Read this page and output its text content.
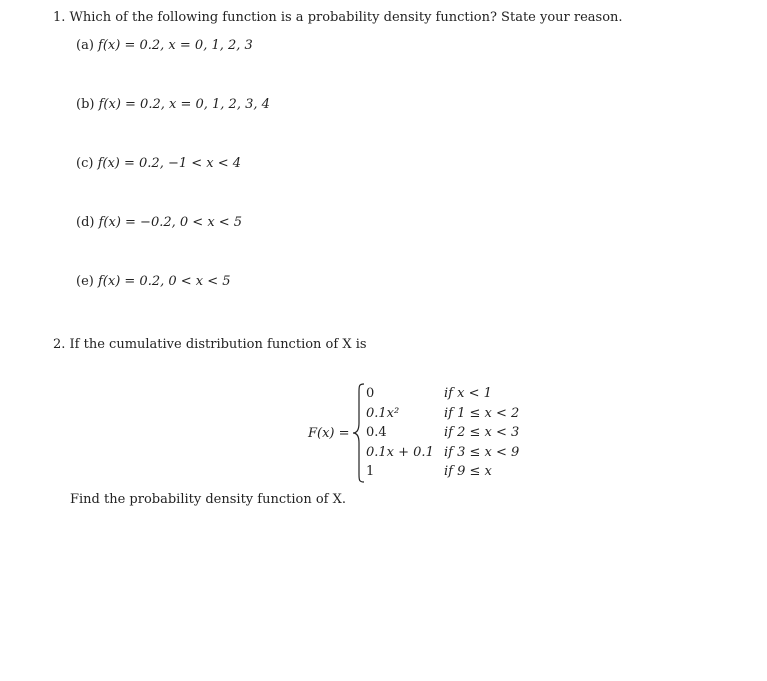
1. Which of the following function is a probability density function? State your reason.
(a) f(x) = 0.2, x = 0, 1, 2, 3
(b) f(x) = 0.2, x = 0, 1, 2, 3, 4
(c) f(x) = 0.2, −1 < x < 4
(d) f(x) = −0.2, 0 < x < 5
(e) f(x) = 0.2, 0 < x < 5
2. If the cumulative distribution function of X is
F(x) =
0
0.1x²
0.4
0.1x + 0.1
1
if x < 1
if 1 ≤ x < 2
if 2 ≤ x < 3
if 3 ≤ x < 9
if 9 ≤ x
Find the probability density function of X.
